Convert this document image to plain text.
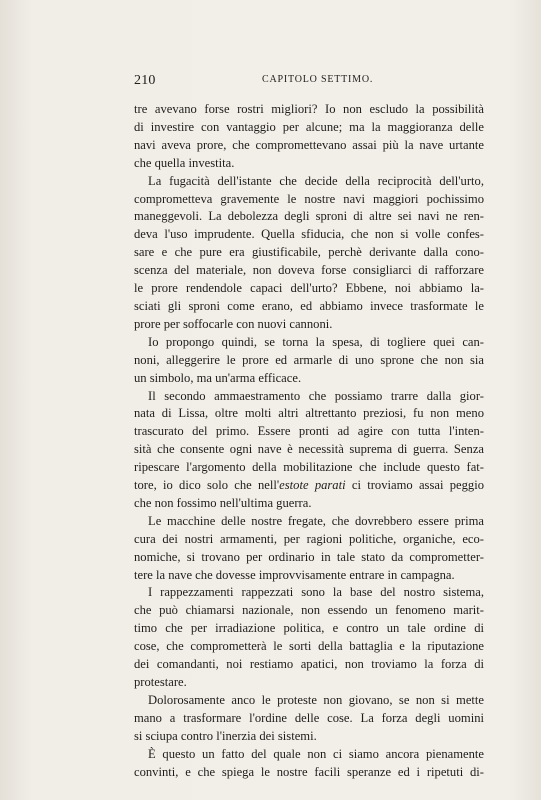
210	CAPITOLO SETTIMO.
tre avevano forse rostri migliori? Io non escludo la possibilità
di investire con vantaggio per alcune; ma la maggioranza delle
navi aveva prore, che compromettevano assai più la nave urtante
che quella investita.
La fugacità dell'istante che decide della reciprocità dell'urto,
comprometteva gravemente le nostre navi maggiori pochissimo
maneggevoli. La debolezza degli sproni di altre sei navi ne ren-
deva l'uso imprudente. Quella sfiducia, che non si volle confes-
sare e che pure era giustificabile, perchè derivante dalla cono-
scenza del materiale, non doveva forse consigliarci di rafforzare
le prore rendendole capaci dell'urto? Ebbene, noi abbiamo la-
sciati gli sproni come erano, ed abbiamo invece trasformate le
prore per soffocarle con nuovi cannoni.
Io propongo quindi, se torna la spesa, di togliere quei can-
noni, alleggerire le prore ed armarle di uno sprone che non sia
un simbolo, ma un'arma efficace.
Il secondo ammaestramento che possiamo trarre dalla gior-
nata di Lissa, oltre molti altri altrettanto preziosi, fu non meno
trascurato del primo. Essere pronti ad agire con tutta l'inten-
sità che consente ogni nave è necessità suprema di guerra. Senza
ripescare l'argomento della mobilitazione che include questo fat-
tore, io dico solo che nell'estote parati ci troviamo assai peggio
che non fossimo nell'ultima guerra.
Le macchine delle nostre fregate, che dovrebbero essere prima
cura dei nostri armamenti, per ragioni politiche, organiche, eco-
nomiche, si trovano per ordinario in tale stato da comprometter-
tere la nave che dovesse improvvisamente entrare in campagna.
I rappezzamenti rappezzati sono la base del nostro sistema,
che può chiamarsi nazionale, non essendo un fenomeno marit-
timo che per irradiazione politica, e contro un tale ordine di
cose, che comprometterà le sorti della battaglia e la riputazione
dei comandanti, noi restiamo apatici, non troviamo la forza di
protestare.
Dolorosamente anco le proteste non giovano, se non si mette
mano a trasformare l'ordine delle cose. La forza degli uomini
si sciupa contro l'inerzia dei sistemi.
È questo un fatto del quale non ci siamo ancora pienamente
convinti, e che spiega le nostre facili speranze ed i ripetuti di-
